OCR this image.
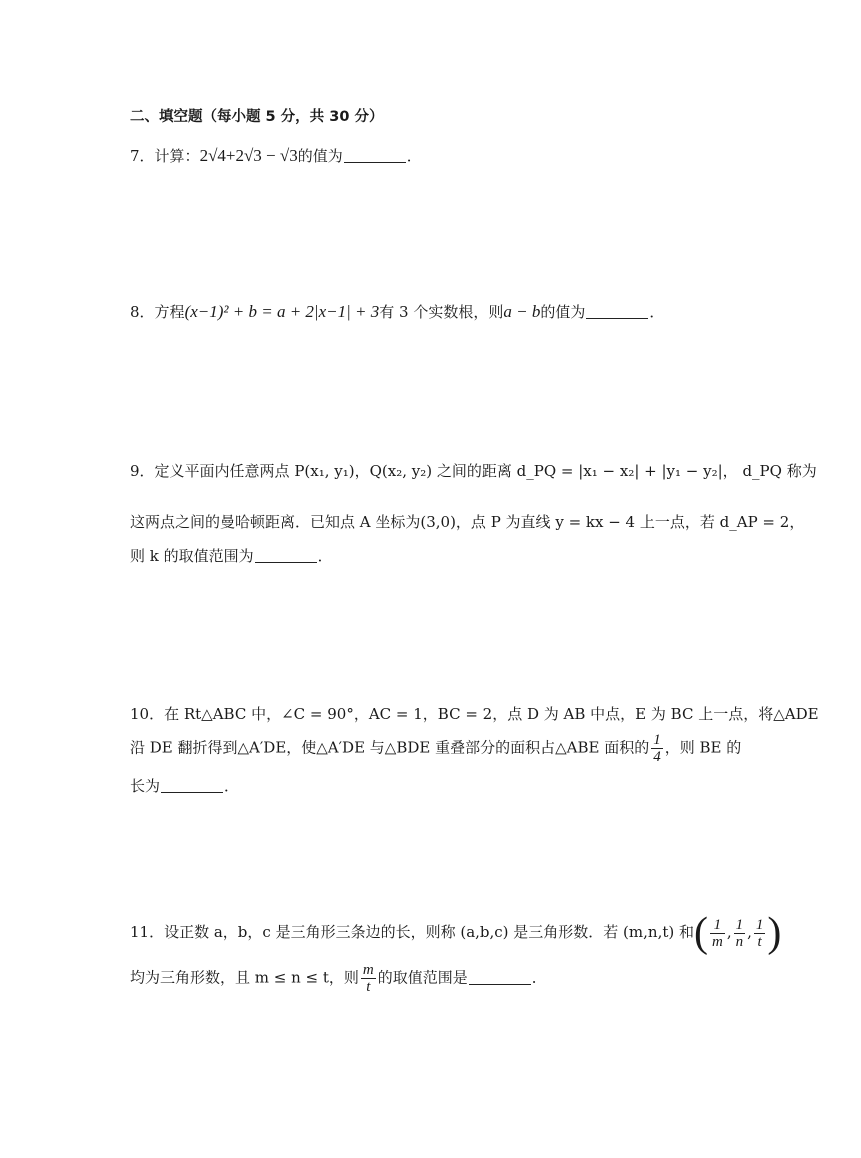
二、填空题（每小题 5 分，共 30 分）
7．计算：2√4+2√3 − √3的值为	．
8．方程(x−1)² + b = a + 2|x−1| + 3有 3 个实数根，则a − b的值为	．
9．定义平面内任意两点 P(x₁, y₁)，Q(x₂, y₂) 之间的距离 d_PQ = |x₁ − x₂| + |y₁ − y₂|， d_PQ 称为
这两点之间的曼哈顿距离．已知点 A 坐标为(3,0)，点 P 为直线 y = kx − 4 上一点，若 d_AP = 2，
则 k 的取值范围为	．
10．在 Rt△ABC 中，∠C = 90°，AC = 1，BC = 2，点 D 为 AB 中点，E 为 BC 上一点，将△ADE
沿 DE 翻折得到△A′DE，使△A′DE 与△BDE 重叠部分的面积占△ABE 面积的 $\frac{1}{4}$ ，则 BE 的
长为	．
11．设正数 a，b，c 是三角形三条边的长，则称 (a,b,c) 是三角形数．若 (m,n,t) 和( $\frac{1}{m}$ , $\frac{1}{n}$ , $\frac{1}{t}$ )
均为三角形数，且 m ≤ n ≤ t，则 $\frac{m}{t}$ 的取值范围是	．
